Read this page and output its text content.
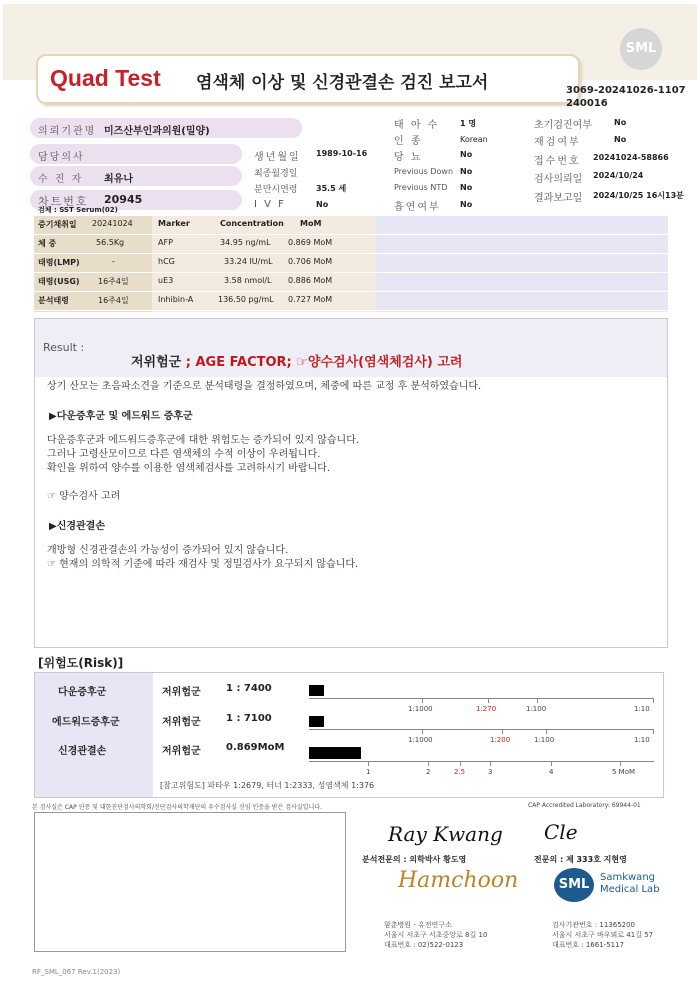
SML
Quad Test 염색체 이상 및 신경관결손 검진 보고서	3069-20241026-1107
240016
의뢰기관명 미즈산부인과의원(밀양)
담당의사
수 진 자 최유나
차트번호 20945
검체 : SST Serum(02)
생년월일 1989-10-16
최종월경일
분만시연령 35.5 세
I V F	No
태 아 수	1 명
인 종	Korean
당 뇨	No
Previous Down No
Previous NTD No
흡연여부 No
초기검진여부	No
재검여부	No
접수번호 20241024-58866
검사의뢰일 2024/10/24
결과보고일 2024/10/25 16시13분
증기채취일 20241024	Marker	Concentration MoM
체 중	56.5Kg	AFP	34.95 ng/mL 0.869 MoM
태령(LMP)	-	hCG	33.24 IU/mL 0.706 MoM
태령(USG) 16주4일	uE3	3.58 nmol/L 0.886 MoM
분석태령	16주4일	Inhibin-A	136.50 pg/mL 0.727 MoM
Result :
저위험군 ; AGE FACTOR; ☞양수검사(염색체검사) 고려
상기 산모는 초음파소견을 기준으로 분석태령을 결정하였으며, 체중에 따른 교정 후 분석하였습니다.
▶다운증후군 및 에드워드 증후군
다운증후군과 에드워드증후군에 대한 위험도는 증가되어 있지 않습니다.
그러나 고령산모이므로 다른 염색체의 수적 이상이 우려됩니다.
확인을 위하여 양수를 이용한 염색체검사를 고려하시기 바랍니다.
☞ 양수검사 고려
▶신경관결손
개방형 신경관결손의 가능성이 증가되어 있지 않습니다.
☞ 현재의 의학적 기준에 따라 재검사 및 정밀검사가 요구되지 않습니다.
[위험도(Risk)]
다운증후군	저위험군	1 : 7400
에드워드증후군	저위험군	1 : 7100
신경관결손	저위험군	0.869MoM
1:1000	1:270	1:100	1:10
1:1000	1:200	1:100	1:10
1	2	2.5	3	4	5 MoM
[참고위험도] 파타우 1:2679, 터너 1:2333, 성염색체 1:376
본 검사실은 CAP 인증 및 대한진단검사의학회/진단검사의학재단의 우수검사실 신임 인증을 받은 검사실입니다.	CAP Accredited Laboratory: 69944-01
Ray Kwang
분석전문의 : 의학박사 황도영
Cle
전문의 : 제 333호 지현영
Hamchoon	SML	Samkwang
Medical Lab
함춘병원 - 유전연구소
서울시 서초구 서초중앙로 8길 10
대표번호 : 02)522-0123
검사기관번호 : 11365200
서울시 서초구 바우뫼로 41길 57
대표번호 : 1661-5117
RF_SML_067 Rev.1(2023)
